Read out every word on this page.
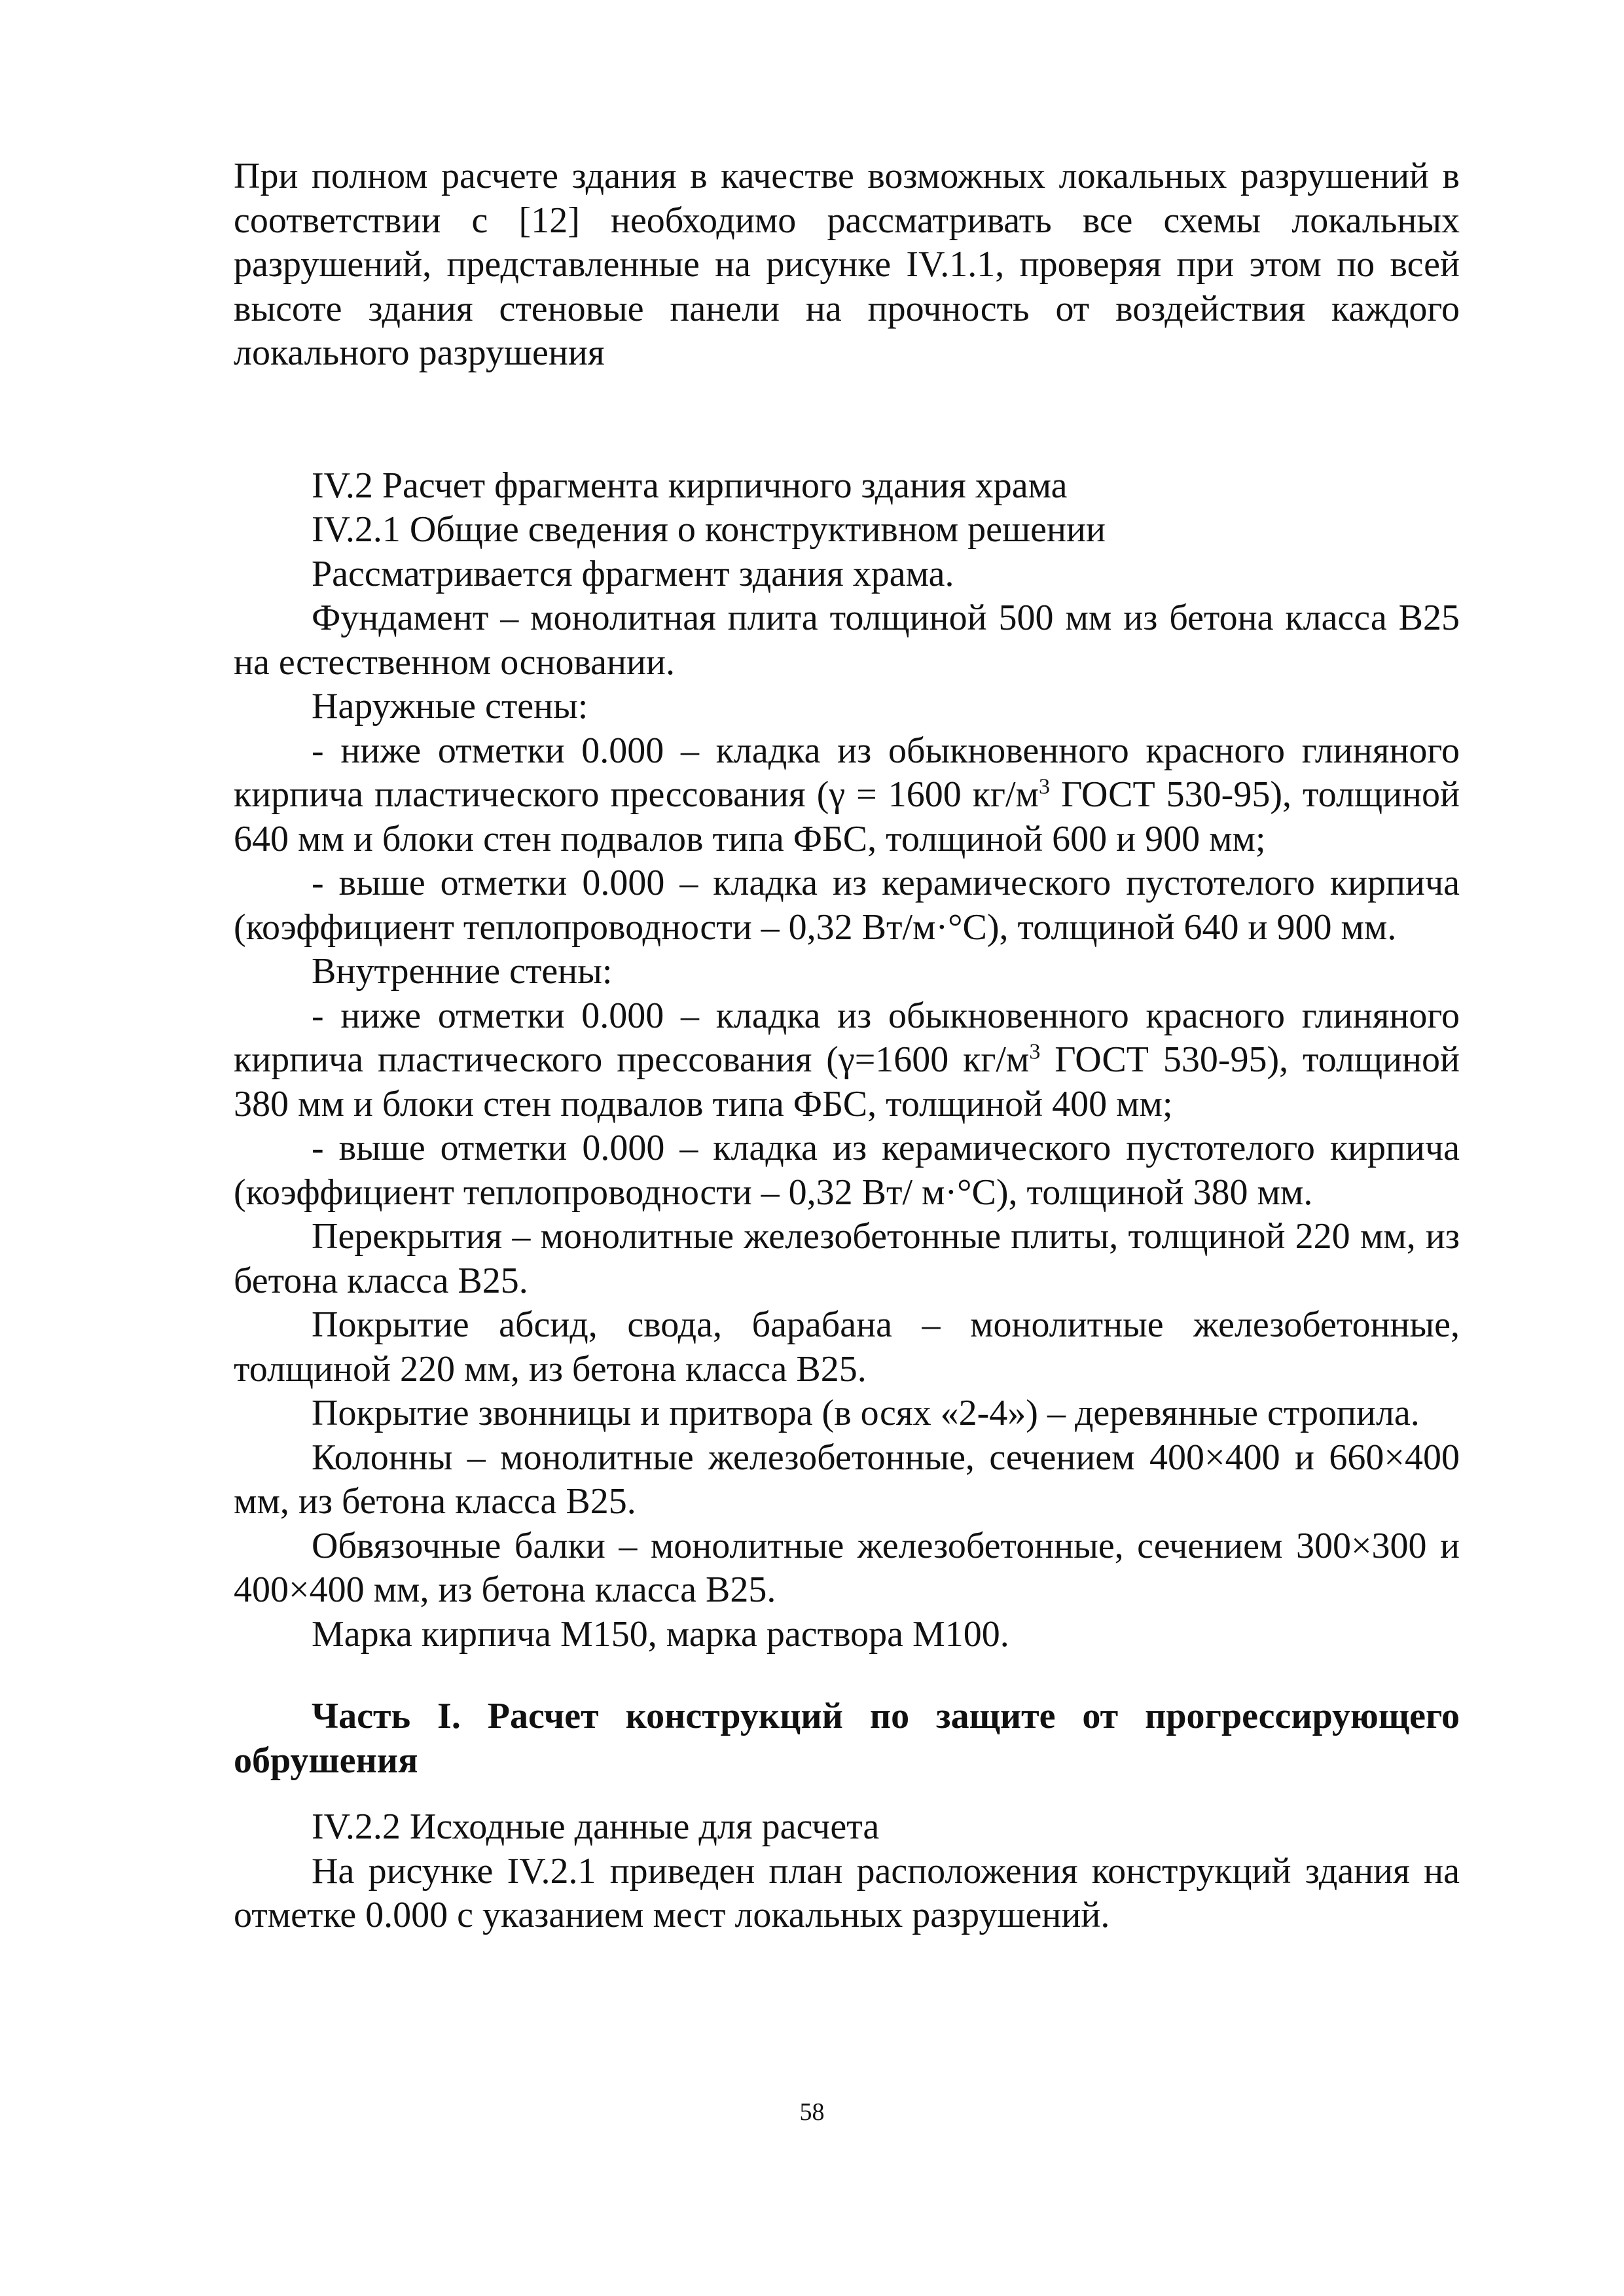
При полном расчете здания в качестве возможных локальных разрушений в соответствии с [12] необходимо рассматривать все схемы локальных разрушений, представленные на рисунке IV.1.1, проверяя при этом по всей высоте здания стеновые панели на прочность от воздействия каждого локального разрушения

IV.2 Расчет фрагмента кирпичного здания храма

IV.2.1 Общие сведения о конструктивном решении

Рассматривается фрагмент здания храма.

Фундамент – монолитная плита толщиной 500 мм из бетона класса В25 на естественном основании.

Наружные стены:

- ниже отметки 0.000 – кладка из обыкновенного красного глиняного кирпича пластического прессования (γ = 1600 $кг/м^3$ ГОСТ 530-95), толщиной 640 мм и блоки стен подвалов типа ФБС, толщиной 600 и 900 мм;

- выше отметки 0.000 – кладка из керамического пустотелого кирпича (коэффициент теплопроводности – 0,32 Вт/м·°С), толщиной 640 и 900 мм.

Внутренние стены:

- ниже отметки 0.000 – кладка из обыкновенного красного глиняного кирпича пластического прессования (γ=1600 $кг/м^3$ ГОСТ 530-95), толщиной 380 мм и блоки стен подвалов типа ФБС, толщиной 400 мм;

- выше отметки 0.000 – кладка из керамического пустотелого кирпича (коэффициент теплопроводности – 0,32 Вт/ м·°С), толщиной 380 мм.

Перекрытия – монолитные железобетонные плиты, толщиной 220 мм, из бетона класса В25.

Покрытие абсид, свода, барабана – монолитные железобетонные, толщиной 220 мм, из бетона класса В25.

Покрытие звонницы и притвора (в осях «2-4») – деревянные стропила.

Колонны – монолитные железобетонные, сечением 400×400 и 660×400 мм, из бетона класса В25.

Обвязочные балки – монолитные железобетонные, сечением 300×300 и 400×400 мм, из бетона класса В25.

Марка кирпича М150, марка раствора М100.

Часть I. Расчет конструкций по защите от прогрессирующего обрушения

IV.2.2 Исходные данные для расчета

На рисунке IV.2.1 приведен план расположения конструкций здания на отметке 0.000 с указанием мест локальных разрушений.

58
